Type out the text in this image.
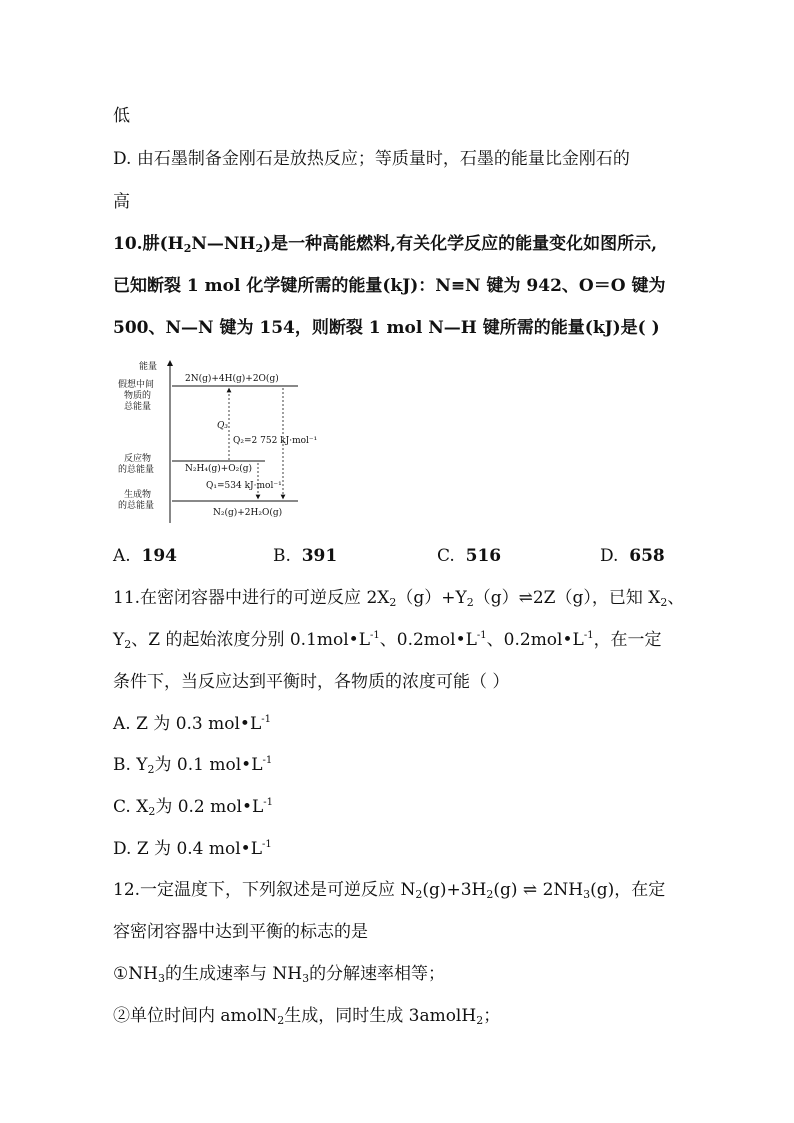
低
D. 由石墨制备金刚石是放热反应；等质量时，石墨的能量比金刚石的
高
10.肼$(H_2N—NH_2)$是一种高能燃料,有关化学反应的能量变化如图所示,
已知断裂 1 mol 化学键所需的能量(kJ)：N≡N 键为 942、O＝O 键为
500、N—N 键为 154，则断裂 1 mol N—H 键所需的能量(kJ)是( )
能量
假想中间
物质的
总能量
反应物
的总能量
生成物
的总能量
2N(g)+4H(g)+2O(g)
N₂H₄(g)+O₂(g)
N₂(g)+2H₂O(g)
Q₃
Q₂=2 752 kJ·mol⁻¹
Q₁=534 kJ·mol⁻¹
A. 194	B. 391	C. 516	D. 658
11.在密闭容器中进行的可逆反应 $2X_2(g)+Y_2(g)\rightleftharpoons 2Z(g)$，已知 $X_2$、
$Y_2$、Z 的起始浓度分别 $0.1mol•L^{-1}$、$0.2mol•L^{-1}$、$0.2mol•L^{-1}$，在一定
条件下，当反应达到平衡时，各物质的浓度可能（ ）
A. Z 为 0.3 $mol•L^{-1}$
B. $Y_2$为 0.1 $mol•L^{-1}$
C. $X_2$为 0.2 $mol•L^{-1}$
D. Z 为 0.4 $mol•L^{-1}$
12.一定温度下，下列叙述是可逆反应 $N_2(g)+3H_2(g)$ ⇌ $2NH_3(g)$，在定
容密闭容器中达到平衡的标志的是
$①NH_3$的生成速率与 $NH_3$的分解速率相等；
②单位时间内 amolN$_2$生成，同时生成 3amolH$_2$；
